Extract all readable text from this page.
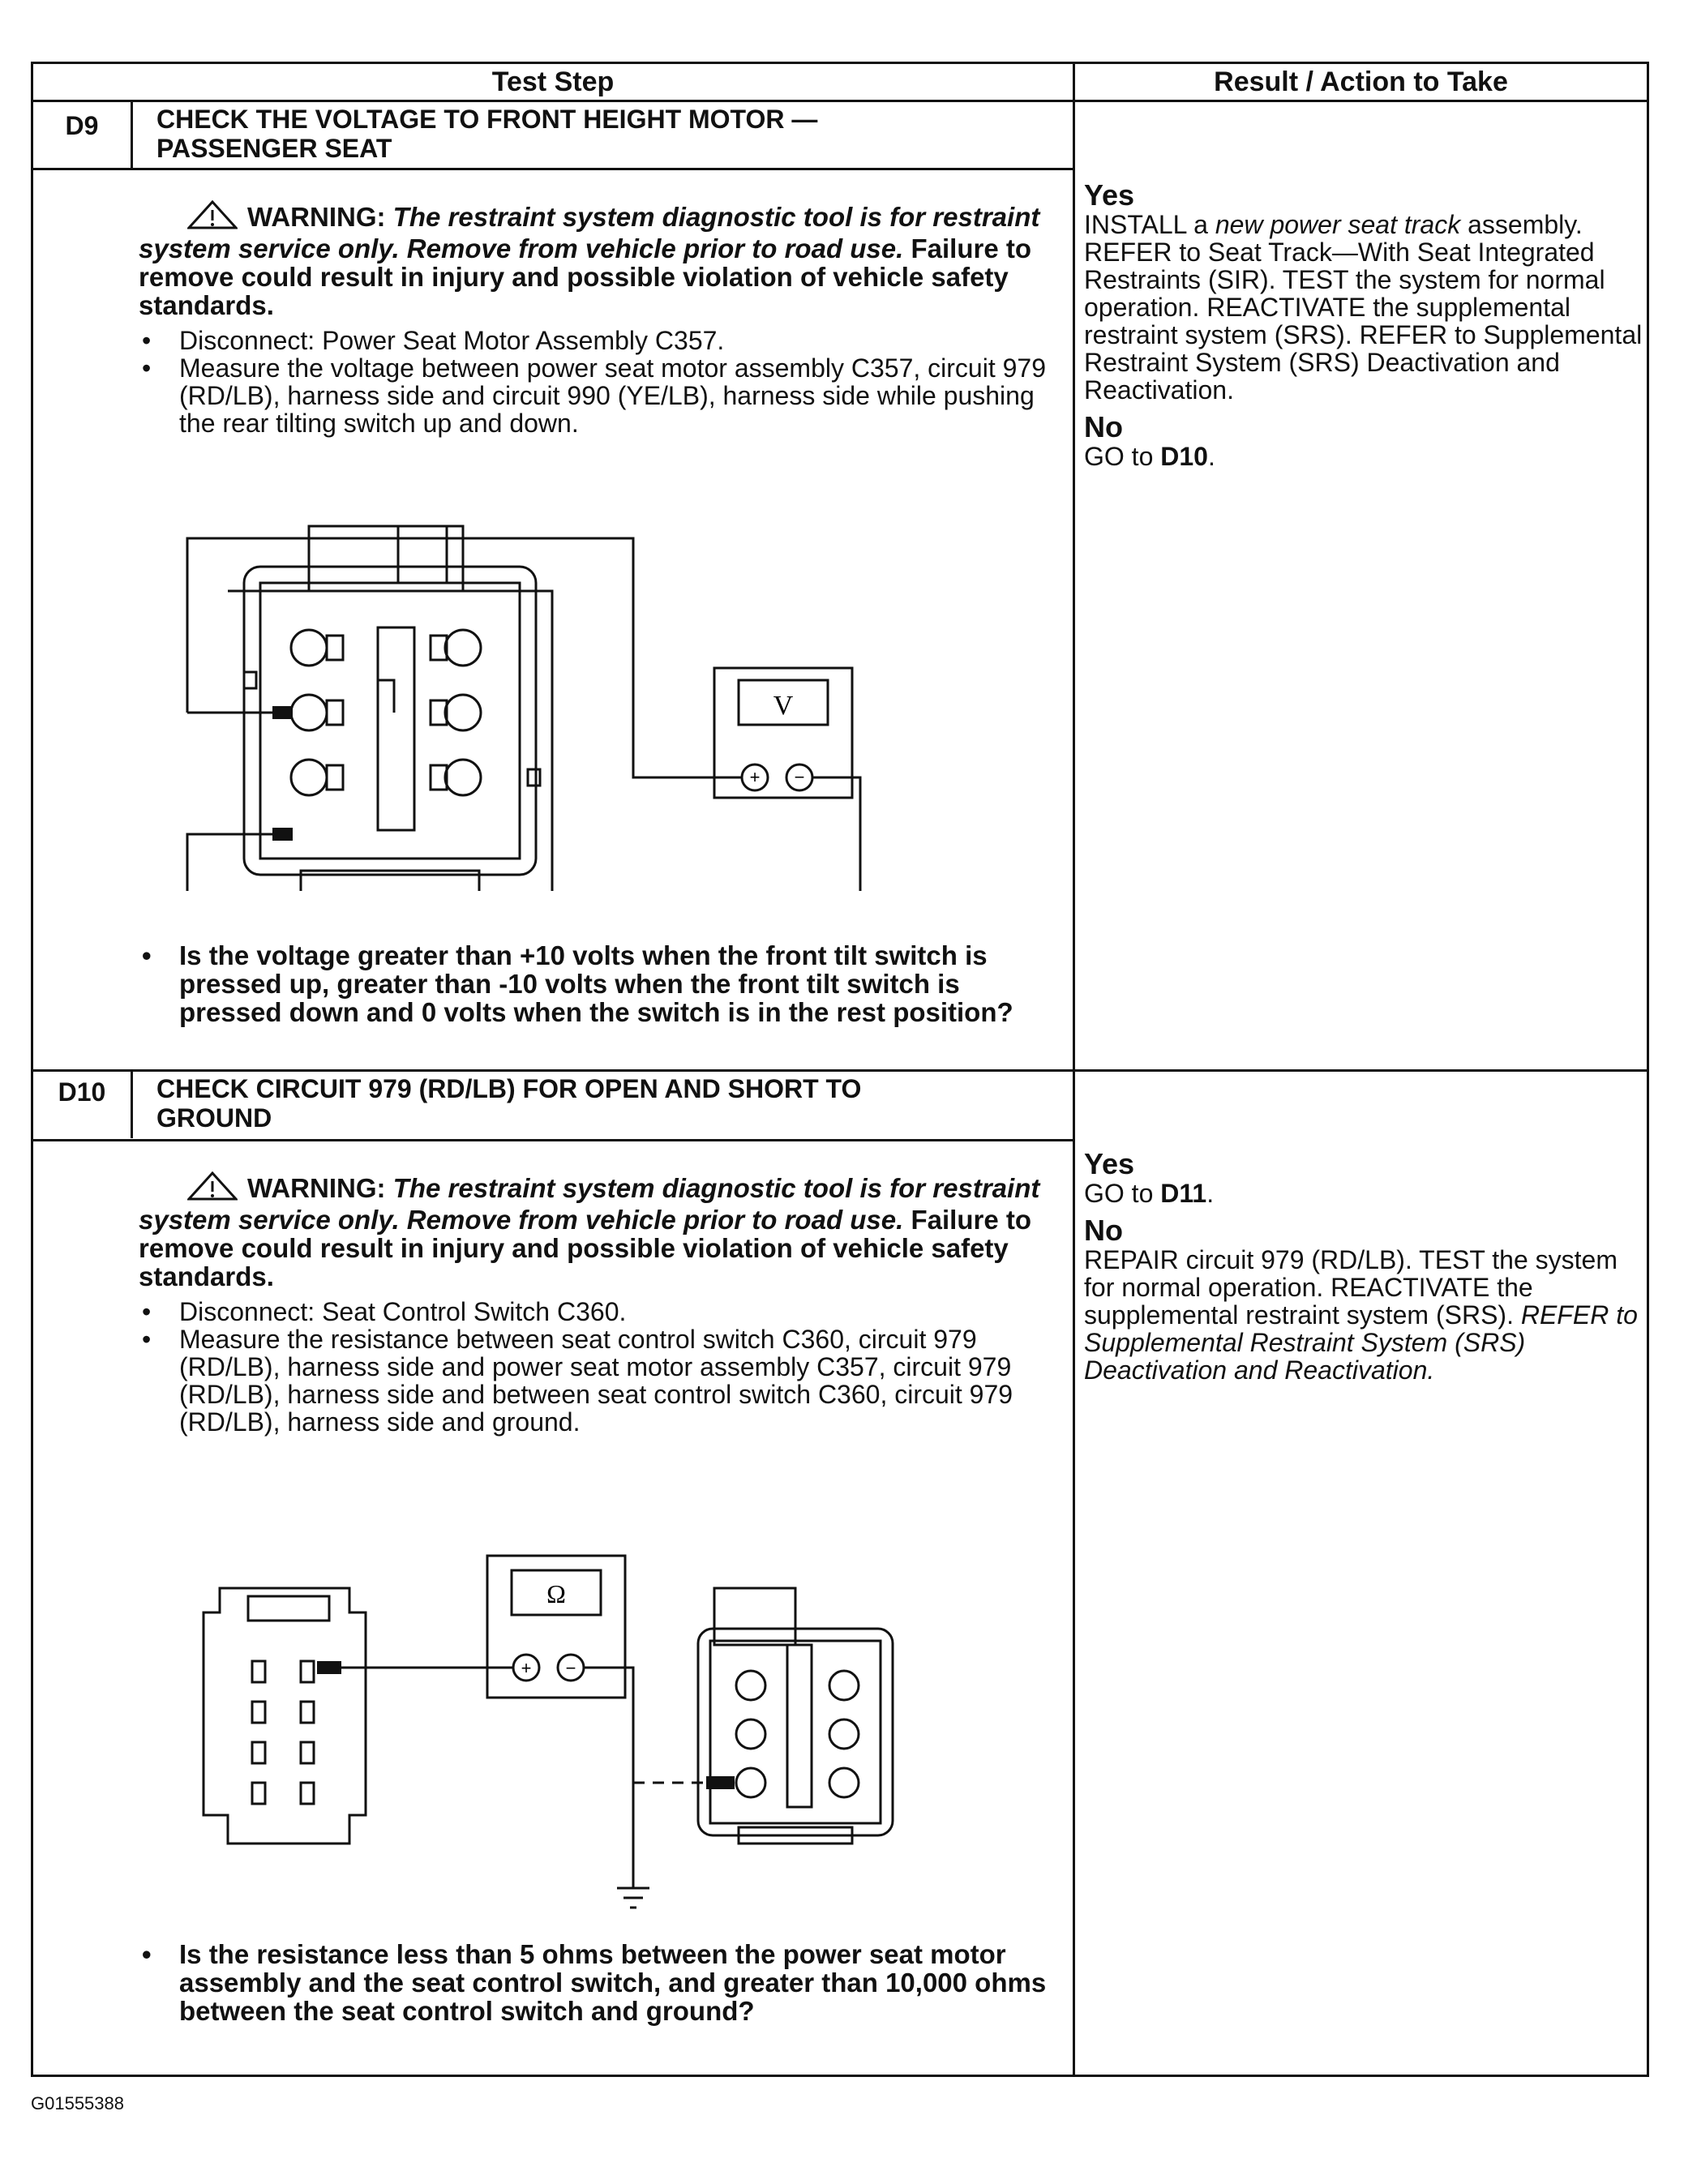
Test Step	Result / Action to Take
D9	CHECK THE VOLTAGE TO FRONT HEIGHT MOTOR — PASSENGER SEAT
WARNING: The restraint system diagnostic tool is for restraint system service only. Remove from vehicle prior to road use. Failure to remove could result in injury and possible violation of vehicle safety standards.
• Disconnect: Power Seat Motor Assembly C357.
• Measure the voltage between power seat motor assembly C357, circuit 979 (RD/LB), harness side and circuit 990 (YE/LB), harness side while pushing the rear tilting switch up and down.
+ −
V
• Is the voltage greater than +10 volts when the front tilt switch is pressed up, greater than -10 volts when the front tilt switch is pressed down and 0 volts when the switch is in the rest position?
Yes
INSTALL a new power seat track assembly. REFER to Seat Track—With Seat Integrated Restraints (SIR). TEST the system for normal operation. REACTIVATE the supplemental restraint system (SRS). REFER to Supplemental Restraint System (SRS) Deactivation and Reactivation.
No
GO to D10.
D10	CHECK CIRCUIT 979 (RD/LB) FOR OPEN AND SHORT TO GROUND
WARNING: The restraint system diagnostic tool is for restraint system service only. Remove from vehicle prior to road use. Failure to remove could result in injury and possible violation of vehicle safety standards.
• Disconnect: Seat Control Switch C360.
• Measure the resistance between seat control switch C360, circuit 979 (RD/LB), harness side and power seat motor assembly C357, circuit 979 (RD/LB), harness side and between seat control switch C360, circuit 979 (RD/LB), harness side and ground.
+ −
Ω
• Is the resistance less than 5 ohms between the power seat motor assembly and the seat control switch, and greater than 10,000 ohms between the seat control switch and ground?
Yes
GO to D11.
No
REPAIR circuit 979 (RD/LB). TEST the system for normal operation. REACTIVATE the supplemental restraint system (SRS). REFER to Supplemental Restraint System (SRS) Deactivation and Reactivation.
G01555388
